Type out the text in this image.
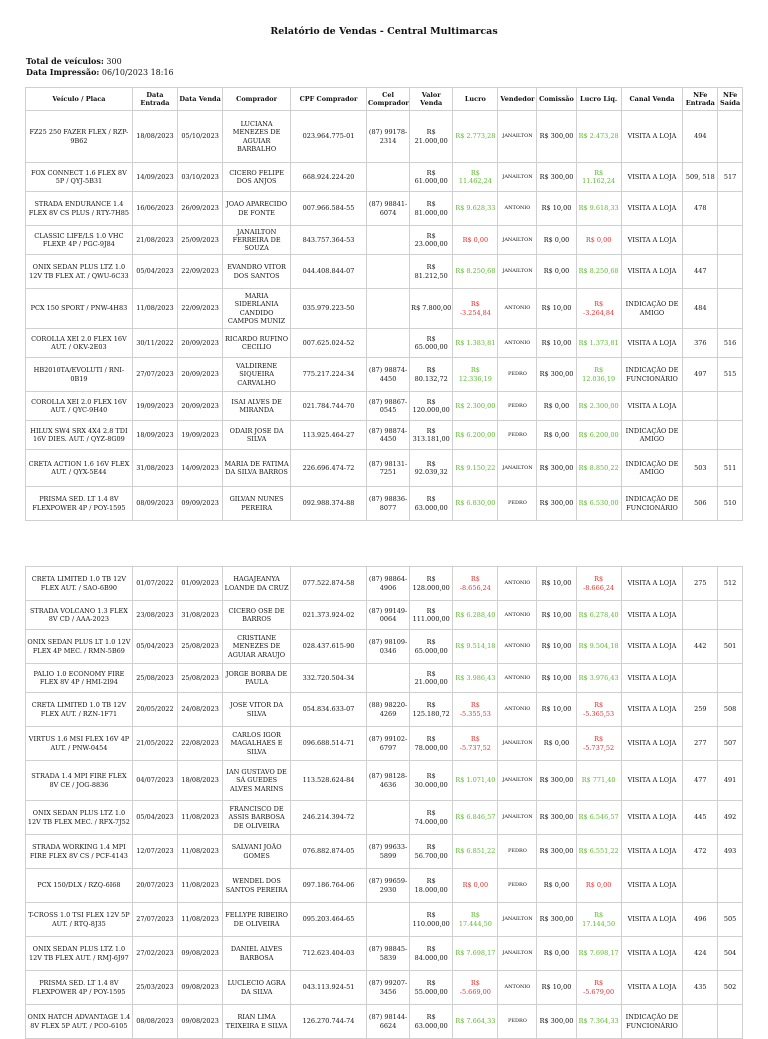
Relatório de Vendas - Central Multimarcas
Total de veículos: 300
Data Impressão: 06/10/2023 18:16
Veículo / Placa	Data Entrada	Data Venda	Comprador	CPF Comprador	Cel Comprador	Valor Venda	Lucro	Vendedor	Comissão	Lucro Liq.	Canal Venda	NFe Entrada	NFe Saída
FZ25 250 FAZER FLEX / RZP-9B62	18/08/2023	05/10/2023	LUCIANA MENEZES DE AGUIAR BARBALHO	023.964.775-01	(87) 99178-2314	R$ 21.000,00	R$ 2.773,28	JANAILTON	R$ 300,00	R$ 2.473,28	VISITA A LOJA	494	
FOX CONNECT 1.6 FLEX 8V 5P / QYJ-5B31	14/09/2023	03/10/2023	CICERO FELIPE DOS ANJOS	668.924.224-20		R$ 61.000,00	R$ 11.462,24	JANAILTON	R$ 300,00	R$ 11.162,24	VISITA A LOJA	509, 518	517
STRADA ENDURANCE 1.4 FLEX 8V CS PLUS / RTY-7H85	16/06/2023	26/09/2023	JOAO APARECIDO DE FONTE	007.966.584-55	(87) 98841-6074	R$ 81.000,00	R$ 9.628,33	ANTONIO	R$ 10,00	R$ 9.618,33	VISITA A LOJA	478	
CLASSIC LIFE/LS 1.0 VHC FLEXP. 4P / PGC-9J84	21/08/2023	25/09/2023	JANAILTON FERREIRA DE SOUZA	843.757.364-53		R$ 23.000,00	R$ 0,00	JANAILTON	R$ 0,00	R$ 0,00	VISITA A LOJA		
ONIX SEDAN PLUS LTZ 1.0 12V TB FLEX AT. / QWU-6C33	05/04/2023	22/09/2023	EVANDRO VITOR DOS SANTOS	044.408.844-07		R$ 81.212,50	R$ 8.250,68	JANAILTON	R$ 0,00	R$ 8.250,68	VISITA A LOJA	447	
PCX 150 SPORT / PNW-4H83	11/08/2023	22/09/2023	MARIA SIDERLANIA CANDIDO CAMPOS MUNIZ	035.979.223-50		R$ 7.800,00	R$ -3.254,84	ANTONIO	R$ 10,00	R$ -3.264,84	INDICAÇÃO DE AMIGO	484	
COROLLA XEI 2.0 FLEX 16V AUT. / OKV-2E03	30/11/2022	20/09/2023	RICARDO RUFINO CECILIO	007.625.024-52		R$ 65.000,00	R$ 1.383,81	ANTONIO	R$ 10,00	R$ 1.373,81	VISITA A LOJA	376	516
HB2010TA/EVOLUTI / RNI-0B19	27/07/2023	20/09/2023	VALDIRENE SIQUEIRA CARVALHO	775.217.224-34	(87) 98874-4450	R$ 80.132,72	R$ 12.336,19	PEDRO	R$ 300,00	R$ 12.036,19	INDICAÇÃO DE FUNCIONÁRIO	497	515
COROLLA XEI 2.0 FLEX 16V AUT. / QYC-9H40	19/09/2023	20/09/2023	ISAI ALVES DE MIRANDA	021.784.744-70	(87) 98867-0545	R$ 120.000,00	R$ 2.300,00	PEDRO	R$ 0,00	R$ 2.300,00	VISITA A LOJA		
HILUX SW4 SRX 4X4 2.8 TDI 16V DIES. AUT. / QYZ-8G09	18/09/2023	19/09/2023	ODAIR JOSE DA SILVA	113.925.464-27	(87) 98874-4450	R$ 313.181,00	R$ 6.200,00	PEDRO	R$ 0,00	R$ 6.200,00	INDICAÇÃO DE AMIGO		
CRETA ACTION 1.6 16V FLEX AUT. / QYX-5E44	31/08/2023	14/09/2023	MARIA DE FATIMA DA SILVA BARROS	226.696.474-72	(87) 98131-7251	R$ 92.039,32	R$ 9.150,22	JANAILTON	R$ 300,00	R$ 8.850,22	INDICAÇÃO DE AMIGO	503	511
PRISMA SED. LT 1.4 8V FLEXPOWER 4P / POY-1595	08/09/2023	09/09/2023	GILVAN NUNES PEREIRA	092.988.374-88	(87) 98836-8077	R$ 63.000,00	R$ 6.830,00	PEDRO	R$ 300,00	R$ 6.530,00	INDICAÇÃO DE FUNCIONÁRIO	506	510
CRETA LIMITED 1.0 TB 12V FLEX AUT. / SAO-6B90	01/07/2022	01/09/2023	HAGAJEANYA LOANDE DA CRUZ	077.522.874-58	(87) 98864-4906	R$ 128.000,00	R$ -8.656,24	ANTONIO	R$ 10,00	R$ -8.666,24	VISITA A LOJA	275	512
STRADA VOLCANO 1.3 FLEX 8V CD / AAA-2023	23/08/2023	31/08/2023	CICERO OSE DE BARROS	021.373.924-02	(87) 99149-0064	R$ 111.000,00	R$ 6.288,40	ANTONIO	R$ 10,00	R$ 6.278,40	VISITA A LOJA		
ONIX SEDAN PLUS LT 1.0 12V FLEX 4P MEC. / RMN-5B69	05/04/2023	25/08/2023	CRISTIANE MENEZES DE AGUIAR ARAUJO	028.437.615-90	(87) 98109-0346	R$ 65.000,00	R$ 9.514,18	ANTONIO	R$ 10,00	R$ 9.504,18	VISITA A LOJA	442	501
PALIO 1.0 ECONOMY FIRE FLEX 8V 4P / HMI-2I94	25/08/2023	25/08/2023	JORGE BORBA DE PAULA	332.720.504-34		R$ 21.000,00	R$ 3.986,43	ANTONIO	R$ 10,00	R$ 3.976,43	VISITA A LOJA		
CRETA LIMITED 1.0 TB 12V FLEX AUT. / RZN-1F71	20/05/2022	24/08/2023	JOSE VITOR DA SILVA	054.834.633-07	(88) 98220-4269	R$ 125.180,72	R$ -5.355,53	ANTONIO	R$ 10,00	R$ -5.365,53	VISITA A LOJA	259	508
VIRTUS 1.6 MSI FLEX 16V 4P AUT. / PNW-0454	21/05/2022	22/08/2023	CARLOS IGOR MAGALHAES E SILVA	096.688.514-71	(87) 99102-6797	R$ 78.000,00	R$ -5.737,52	JANAILTON	R$ 0,00	R$ -5.737,52	VISITA A LOJA	277	507
STRADA 1.4 MPI FIRE FLEX 8V CE / JOG-8836	04/07/2023	18/08/2023	IAN GUSTAVO DE SÁ GUEDES ALVES MARINS	113.528.624-84	(87) 98128-4636	R$ 30.000,00	R$ 1.071,40	JANAILTON	R$ 300,00	R$ 771,40	VISITA A LOJA	477	491
ONIX SEDAN PLUS LTZ 1.0 12V TB FLEX MEC. / RFX-7J52	05/04/2023	11/08/2023	FRANCISCO DE ASSIS BARBOSA DE OLIVEIRA	246.214.394-72		R$ 74.000,00	R$ 6.846,57	JANAILTON	R$ 300,00	R$ 6.546,57	VISITA A LOJA	445	492
STRADA WORKING 1.4 MPI FIRE FLEX 8V CS / PCF-4143	12/07/2023	11/08/2023	SALVANI JOÃO GOMES	076.882.874-05	(87) 99633-5899	R$ 56.700,00	R$ 6.851,22	PEDRO	R$ 300,00	R$ 6.551,22	VISITA A LOJA	472	493
PCX 150/DLX / RZQ-6I68	20/07/2023	11/08/2023	WENDEL DOS SANTOS PEREIRA	097.186.764-06	(87) 99659-2930	R$ 18.000,00	R$ 0,00	PEDRO	R$ 0,00	R$ 0,00	VISITA A LOJA		
T-CROSS 1.0 TSI FLEX 12V 5P AUT. / RTQ-8J35	27/07/2023	11/08/2023	FELLYPE RIBEIRO DE OLIVEIRA	095.203.464-65		R$ 110.000,00	R$ 17.444,50	JANAILTON	R$ 300,00	R$ 17.144,50	VISITA A LOJA	496	505
ONIX SEDAN PLUS LTZ 1.0 12V TB FLEX AUT. / RMJ-6J97	27/02/2023	09/08/2023	DANIEL ALVES BARBOSA	712.623.404-03	(87) 98845-5839	R$ 84.000,00	R$ 7.698,17	JANAILTON	R$ 0,00	R$ 7.698,17	VISITA A LOJA	424	504
PRISMA SED. LT 1.4 8V FLEXPOWER 4P / POY-1595	25/03/2023	09/08/2023	LUCLECIO AGRA DA SILVA	043.113.924-51	(87) 99207-3456	R$ 55.000,00	R$ -5.669,00	ANTONIO	R$ 10,00	R$ -5.679,00	VISITA A LOJA	435	502
ONIX HATCH ADVANTAGE 1.4 8V FLEX 5P AUT. / PCO-6105	08/08/2023	09/08/2023	RIAN LIMA TEIXEIRA E SILVA	126.270.744-74	(87) 98144-6624	R$ 63.000,00	R$ 7.664,33	PEDRO	R$ 300,00	R$ 7.364,33	INDICAÇÃO DE FUNCIONÁRIO		
